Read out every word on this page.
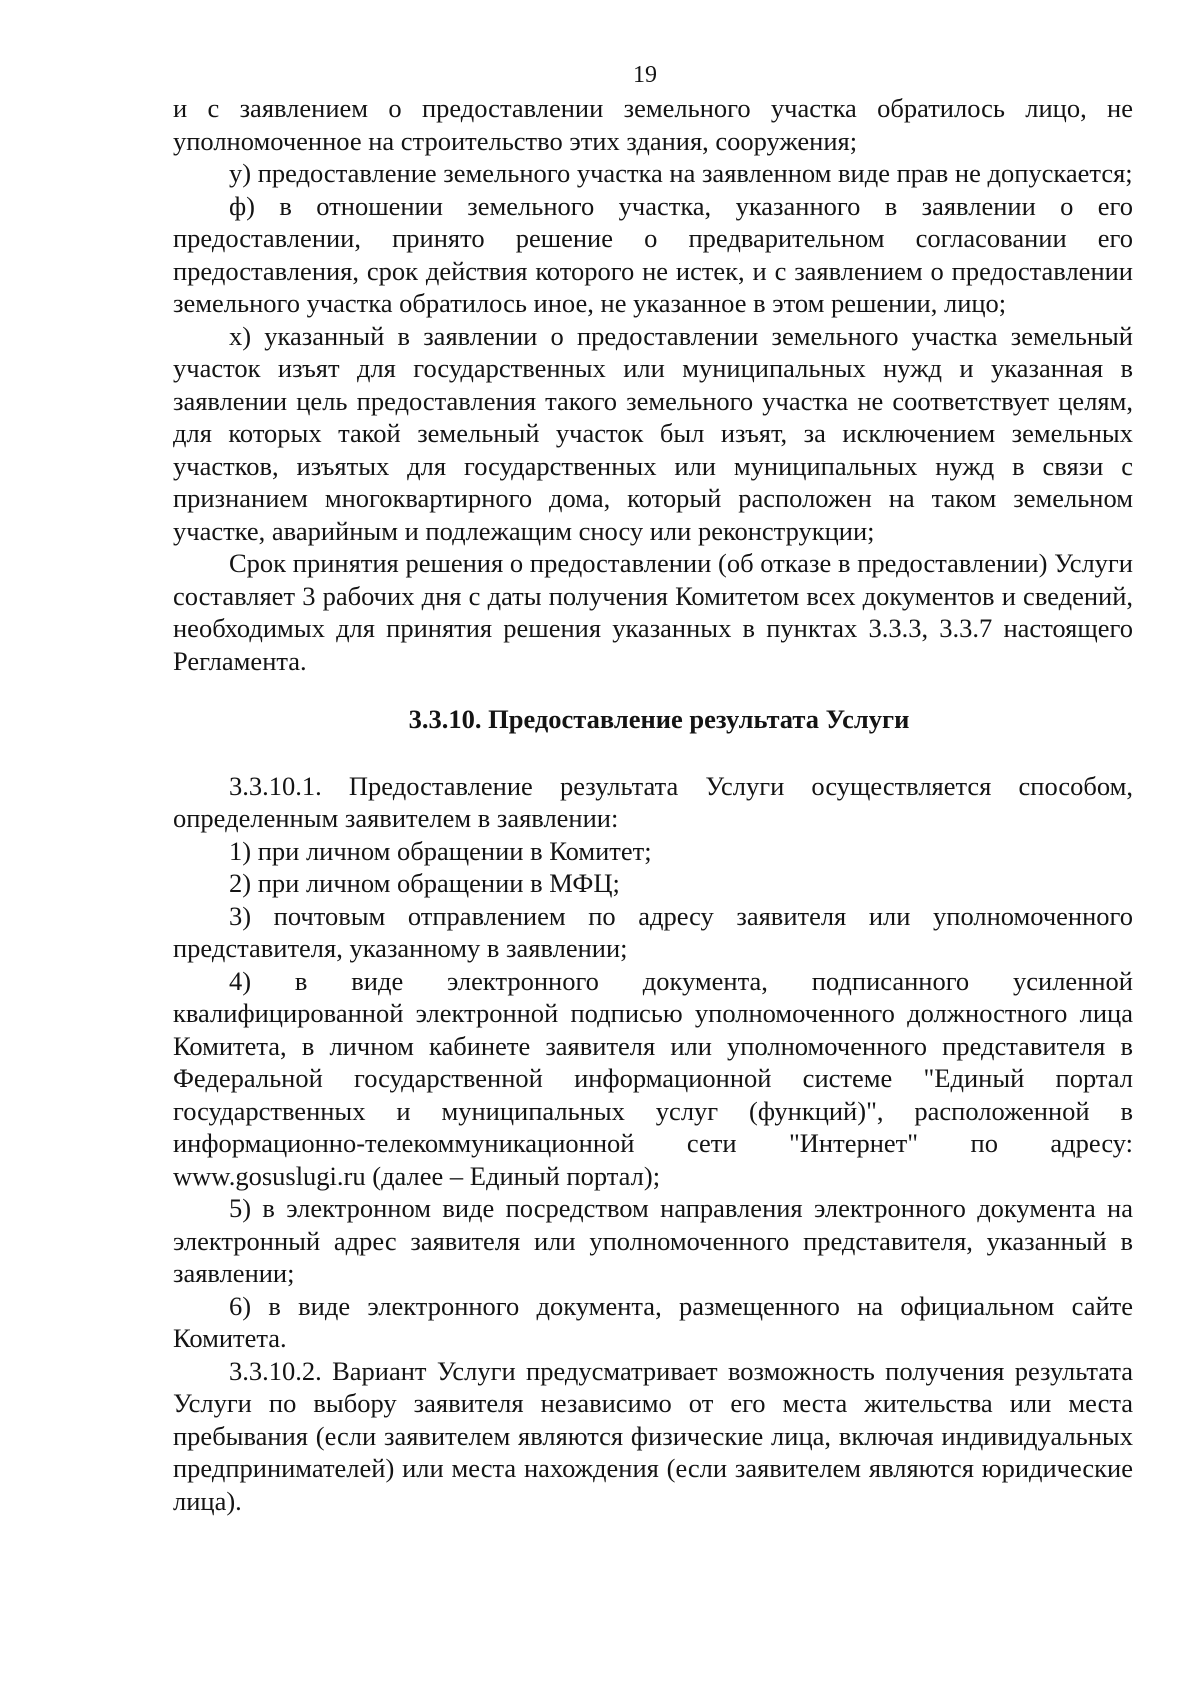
19

и с заявлением о предоставлении земельного участка обратилось лицо, не уполномоченное на строительство этих здания, сооружения;

у) предоставление земельного участка на заявленном виде прав не допускается;

ф) в отношении земельного участка, указанного в заявлении о его предоставлении, принято решение о предварительном согласовании его предоставления, срок действия которого не истек, и с заявлением о предоставлении земельного участка обратилось иное, не указанное в этом решении, лицо;

х) указанный в заявлении о предоставлении земельного участка земельный участок изъят для государственных или муниципальных нужд и указанная в заявлении цель предоставления такого земельного участка не соответствует целям, для которых такой земельный участок был изъят, за исключением земельных участков, изъятых для государственных или муниципальных нужд в связи с признанием многоквартирного дома, который расположен на таком земельном участке, аварийным и подлежащим сносу или реконструкции;

Срок принятия решения о предоставлении (об отказе в предоставлении) Услуги составляет 3 рабочих дня с даты получения Комитетом всех документов и сведений, необходимых для принятия решения указанных в пунктах 3.3.3, 3.3.7 настоящего Регламента.

3.3.10. Предоставление результата Услуги

3.3.10.1. Предоставление результата Услуги осуществляется способом, определенным заявителем в заявлении:

1) при личном обращении в Комитет;

2) при личном обращении в МФЦ;

3) почтовым отправлением по адресу заявителя или уполномоченного представителя, указанному в заявлении;

4) в виде электронного документа, подписанного усиленной квалифицированной электронной подписью уполномоченного должностного лица Комитета, в личном кабинете заявителя или уполномоченного представителя в Федеральной государственной информационной системе "Единый портал государственных и муниципальных услуг (функций)", расположенной в информационно-телекоммуникационной сети "Интернет" по адресу: www.gosuslugi.ru (далее – Единый портал);

5) в электронном виде посредством направления электронного документа на электронный адрес заявителя или уполномоченного представителя, указанный в заявлении;

6) в виде электронного документа, размещенного на официальном сайте Комитета.

3.3.10.2. Вариант Услуги предусматривает возможность получения результата Услуги по выбору заявителя независимо от его места жительства или места пребывания (если заявителем являются физические лица, включая индивидуальных предпринимателей) или места нахождения (если заявителем являются юридические лица).
